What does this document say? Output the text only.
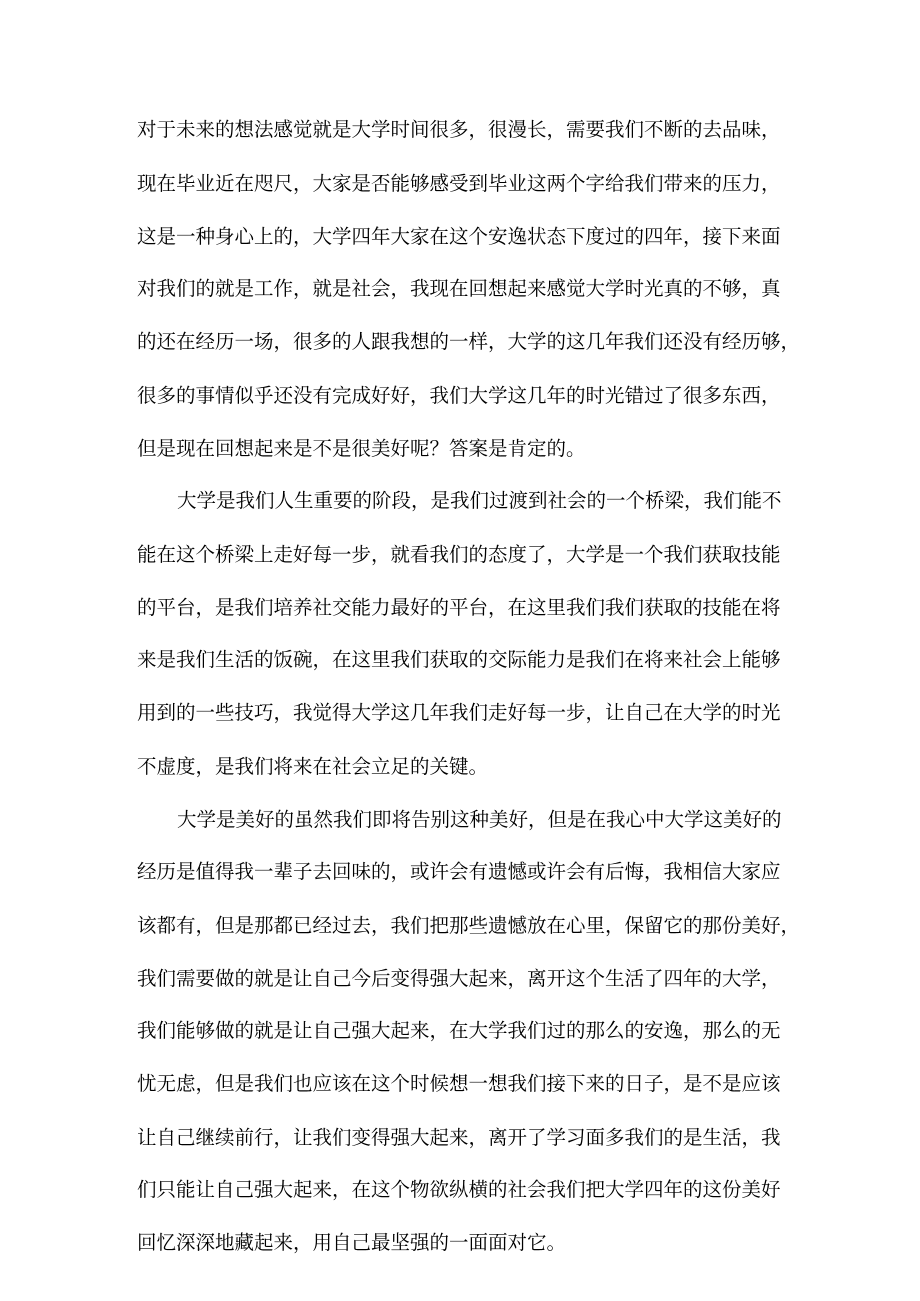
对于未来的想法感觉就是大学时间很多，很漫长，需要我们不断的去品味，

现在毕业近在咫尺，大家是否能够感受到毕业这两个字给我们带来的压力，

这是一种身心上的，大学四年大家在这个安逸状态下度过的四年，接下来面

对我们的就是工作，就是社会，我现在回想起来感觉大学时光真的不够，真

的还在经历一场，很多的人跟我想的一样，大学的这几年我们还没有经历够，

很多的事情似乎还没有完成好好，我们大学这几年的时光错过了很多东西，

但是现在回想起来是不是很美好呢？答案是肯定的。

大学是我们人生重要的阶段，是我们过渡到社会的一个桥梁，我们能不

能在这个桥梁上走好每一步，就看我们的态度了，大学是一个我们获取技能

的平台，是我们培养社交能力最好的平台，在这里我们我们获取的技能在将

来是我们生活的饭碗，在这里我们获取的交际能力是我们在将来社会上能够

用到的一些技巧，我觉得大学这几年我们走好每一步，让自己在大学的时光

不虚度，是我们将来在社会立足的关键。

大学是美好的虽然我们即将告别这种美好，但是在我心中大学这美好的

经历是值得我一辈子去回味的，或许会有遗憾或许会有后悔，我相信大家应

该都有，但是那都已经过去，我们把那些遗憾放在心里，保留它的那份美好，

我们需要做的就是让自己今后变得强大起来，离开这个生活了四年的大学，

我们能够做的就是让自己强大起来，在大学我们过的那么的安逸，那么的无

忧无虑，但是我们也应该在这个时候想一想我们接下来的日子，是不是应该

让自己继续前行，让我们变得强大起来，离开了学习面多我们的是生活，我

们只能让自己强大起来，在这个物欲纵横的社会我们把大学四年的这份美好

回忆深深地藏起来，用自己最坚强的一面面对它。
